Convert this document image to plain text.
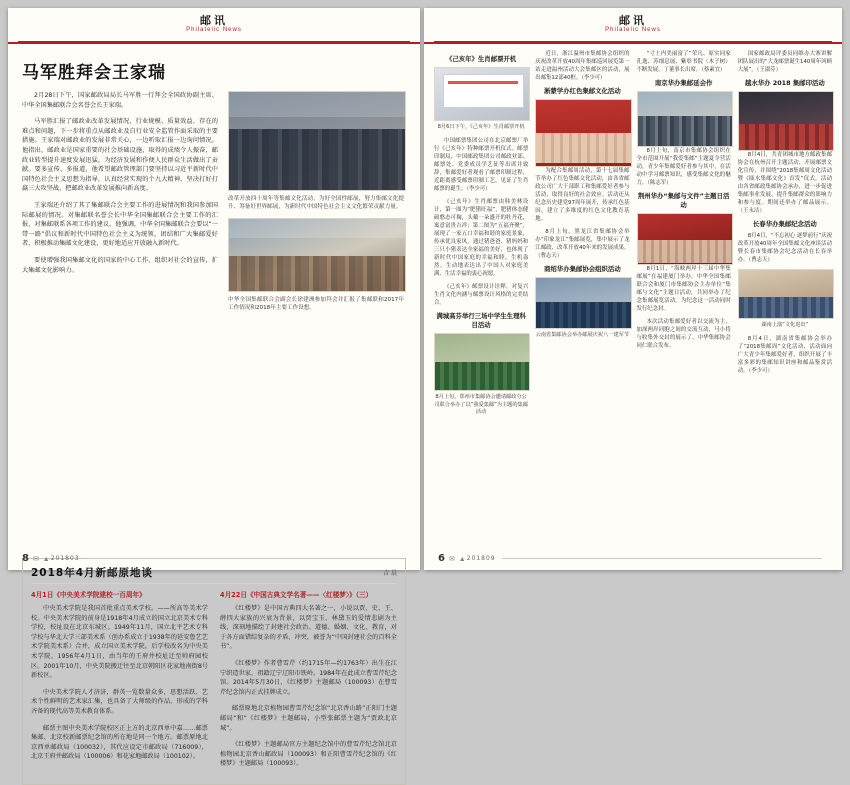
邮讯
Philatelic News
马军胜拜会王家瑞

2月28日下午，国家邮政局局长马军胜一行拜会全国政协副主席、中华全国集邮联合会名誉会长王家瑞。

马军胜汇报了邮政业改革发展情况、行业规模、质量效益、存在的难点和问题，下一步将重点从邮政业及自行业安全监管作面采取的主要措施。王家瑞对邮政业的发展非常关心，一边听取汇报一边询问情况。他指出，邮政业是国家重要的社会基础设施，取得的成绩令人振奋，邮政业转型提升速度发展迅猛，为经济发展和作便人民群众生活做出了贡献。要多宣传、多报道，他希望邮政管理部门要坚持以习近平新时代中国特色社会主义思想为指导，认真经营实现的个九大精神，坚决打好打赢三大攻坚战，把邮政业改革发展推向新高度。

王家瑞还介绍了其了集邮联合会主要工作的进展情况和我国参加国际邮展的情况。对集邮联名誉会长中华全国集邮联合会主要工作的汇报、对集邮联系各项工作的建议。他强调，中华全国集邮联合会要以“一带一路”倡议和新时代中国特色社会主义为统领，团结和广大集邮爱好者，积极推动集邮文化建设，更好地适应开放融入新时代。

要使增强我国集邮文化的国家的中心工作，组织对社会的宣传，扩大集邮文化影响力。

改革开放四十周年等集邮文化活动，为好全国性邮展，努力集邮文化提升、筹备好世界邮展，为新时代中国特色社会主义文化繁荣贡献力量。
中华全国集邮联合会副会长徐建洲参加拜会并汇报了集邮联和2017年工作情况和2018年主要工作设想。
2018年4月新邮原地谈	吉 晨
4月1日《中央美术学院建校一百周年》

中央美术学院是我国首批重点美术学校。——所高等美术学校。中央美术学院的前身是1918年4月成立的国立北京美术专科学校，校址设在北京东城区。1949年11月，国立北平艺术专科学校与华北大学三部美术系（创办系成立于1938年的延安鲁艺艺术学院美术系）合并，成立国立美术学院，后学校改名为中央美术学院。1956年4月1日，由当年的王府井校址迁至帅府园校区。2001年10月，中央美院搬迁往至北京朝阳区花家地南街8号新校区。

中央美术学院人才济济，群英一览数量众多，思想活跃、艺术个性鲜明的艺术家汇集，也具备了大师级的作品，形成的学科齐备的现代高等美术教育体系。

邮票主图中央美术学院校区正上方的北京西单中嘉……邮票集邮、北京校新邮票纪念馆的所在地是同一个地方。邮票原地北京西单邮政局（100032），其代应设定市邮政局（716009），北京王府井邮政局（100006）和花家地邮政局（100102）。

4月22日《中国古典文学名著——〈红楼梦〉》（三）

《红楼梦》是中国古典四大名著之一，小说以贾、史、王、薛四大家族的兴衰为背景，以贾宝玉、林黛玉的爱情悲剧为主线，深刻地描绘了封建社会政治、道德、婚姻、文化、教育，对于各方面错综复杂的矛盾、冲突，被誉为“中国封建社会的百科全书”。

《红楼梦》作者曹雪芹（约1715年—约1763年）出生在江宁织造世家，祖籍辽宁辽阳市铁岭。1984年在此成立曹雪芹纪念馆。2014年5月30日，《红楼梦》主题邮局（100093）在曹雪芹纪念馆内正式挂牌成立。

邮票原地北京植物园曹雪芹纪念馆“北京香山路”正阳门主题邮局“和”《红楼梦》主题邮局，小型张邮票主题为“贾政北京城”。

《红楼梦》主题邮局官方主题纪念馆中的曹雪芹纪念馆北京植物园北京香山邮政局（100093）和正阳曹雪芹纪念馆的《红楼梦》主题邮局（100093）。

8 ✉ ▲ 201803
邮讯
Philatelic News
《己亥年》生肖邮票开机
8月6日下午，《己亥年》生肖邮票开机

中国邮票集团公司在北京邮票厂举行《己亥年》特种邮票开机仪式。邮票印制局、中国邮政集团公司邮政业部、邮票处、党委成员学艺征等出席并致辞，集邮爱好者观看了邮票印制过程，近距离感受邮票印制工艺，见证了生肖邮票的诞生。（李少可）

《己亥年》生肖邮票由韩美林设计，第一图为“肥猪旺福”，肥猪体态健硕憨态可掬，头戴一朵盛开的牡丹花，寓意富贵吉祥；第二图为“五福齐聚”，展现了一家五口幸福和谐的家庭景象，传承优良家风，通过猪爸爸、猪妈妈和三只小猪表达全家福的美好，也体现了新时代中国家庭的幸福和睦，生机盎然。生动地表达出了中国人对家庭美满、生活幸福的衷心祝愿。

《己亥年》邮票设计诠释，对复兴生肖文化内涵与邮票设计风格的完美结合。

满城高芬举行三场中学生生理科目活动
8月上旬，郑州市集邮协会邀请邮政分公司联合举办了以“我爱集邮”为主题的集邮活动

近日，浙江温州市集邮协会组织的庆祝改革开放40周年集邮巡回展览第一站走进温州活动大会集邮区的活动，展出邮集12部40框。（李少可）

淅蒙学办红色集邮文化活动

为配合集邮周活动，第十七届集邮节举办了红色集邮文化活动，由各省邮政公司广大干部职工和集邮爱好者参与活动，取得良好的社会效应。活动还从纪念历史建党97周年展开，传承红色基因，建立了多维度的红色文化教育基地。

8月上旬，黑龙江省集邮协会举办“印象龙江”集邮展览，集中展示了龙江邮政、改革开放40年来的发展成果。（曹志天）

商绍华办集邮协会组织活动
云南省集邮协会举办邮展庆祝八一建军节

“寸土内美丽富了”荣凡、原实同家孔逸、苏细息展、紫彰书院（木子树）不断发展，丁董事长出席。（蔡素宜）

南京华办集邮延会作

8月上旬，南京市集邮协会组织在全市范围开展“我爱集邮”主题夏令营活动，青少年集邮爱好者参与其中，在活动中学习邮票知识，感受集邮文化的魅力。（陈志军）

荆州华办“集邮与文件”主题日活动

8月1日，“海峡两岸十三届中华集邮展”在福建厦门举办。中华全国集邮联合会和厦门市集邮协会主办单位“集邮与文化”主题日活动，共同举办了纪念集邮展览活动。为纪念这一活动同时发行纪念封。

本次活动集邮爱好者以交流为主，加深两岸同胞之间的交流互动，马小将与收集外交封的展示了、中华集邮协会同仁联合发布。

国家邮政局评委员同维办大寨讲解团队展出的“大龙邮票诞生140周年回顾大展”。（王淑芬）

越水华办 2018 集邮印活动

8月4日，共青团城市地方邮政集邮协会在杭州召开主题活动，开展邮票文化宣传，并围绕“2018集邮周文化活动暨《瓯水集邮文化》首发”仪式。活动由各省邮政集邮协会承办，进一步促进集邮事业发展，提升集邮群众的影响力和参与度。期间还举办了邮品展示。（王永洁）

长春华办集邮纪念活动

8月4日，“不忘初心 逐梦前行”庆祝改革开放40周年全国集邮文化座谈活动暨长春市集邮协会纪念活动在长春举办。（曹志天）

湖南上演“文化进出”

8月4日，湖南省集邮协会举办了“2018集邮周”文化活动，活动面向广大青少年集邮爱好者，组织开展了丰富多彩的集邮知识讲座和邮品鉴赏活动。（李少可）

6 ✉ ▲ 201809
